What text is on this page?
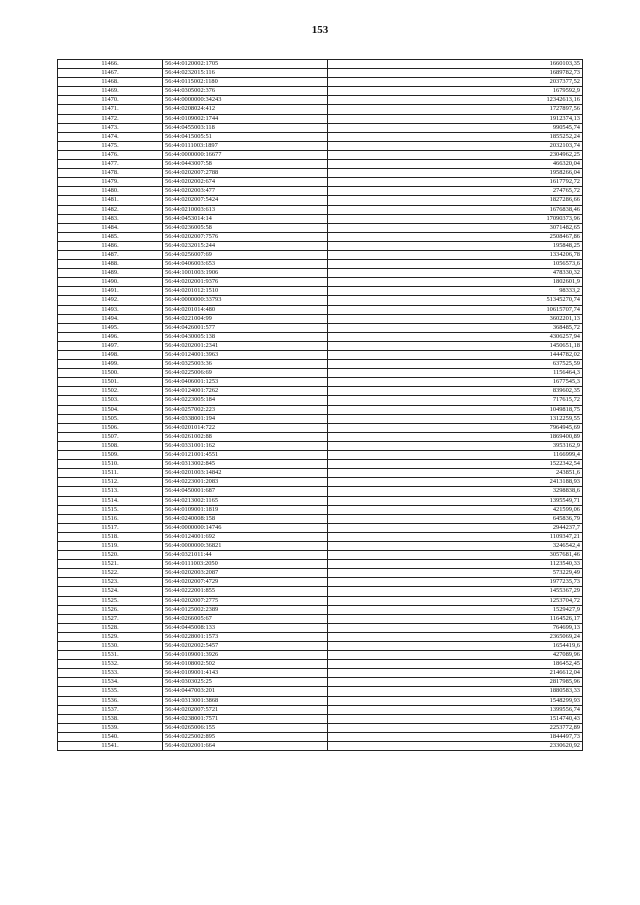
153
11466.	56:44:0120002:1705	1660103,35
11467.	56:44:0232015:116	1689782,73
11468.	56:44:0115002:1180	2037377,52
11469.	56:44:0305002:376	1679592,9
11470.	56:44:0000000:34243	12342613,16
11471.	56:44:0208024:412	1727897,56
11472.	56:44:0109002:1744	1912374,13
11473.	56:44:0455003:118	990545,74
11474.	56:44:0415005:51	1855252,24
11475.	56:44:0111003:1897	2032103,74
11476.	56:44:0000000:16677	2304962,25
11477.	56:44:0443007:58	466320,04
11478.	56:44:0202007:2788	1958266,04
11479.	56:44:0202002:674	1617792,72
11480.	56:44:0202003:477	274765,72
11481.	56:44:0202007:5424	1827286,66
11482.	56:44:0210003:613	1676838,46
11483.	56:44:0453014:14	17090373,96
11484.	56:44:0236005:58	3071482,65
11485.	56:44:0202007:7576	2508467,86
11486.	56:44:0232015:244	195848,25
11487.	56:44:0256007:69	1334206,78
11488.	56:44:0406003:653	1056573,6
11489.	56:44:1001003:1906	478330,32
11490.	56:44:0202001:9376	1802601,9
11491.	56:44:0201012:1510	98333,2
11492.	56:44:0000000:33793	51345270,74
11493.	56:44:0201014:480	10615707,74
11494.	56:44:0221004:99	3602201,13
11495.	56:44:0426001:577	368485,72
11496.	56:44:0430005:138	4306257,94
11497.	56:44:0202001:2341	1450651,18
11498.	56:44:0124001:3963	1444782,02
11499.	56:44:0325003:36	637525,59
11500.	56:44:0225006:69	1156464,3
11501.	56:44:0406001:1253	1677545,3
11502.	56:44:0124001:7262	839602,35
11503.	56:44:0223005:184	717615,72
11504.	56:44:0257002:223	1049818,75
11505.	56:44:0338001:194	1312259,55
11506.	56:44:0201014:722	7964945,69
11507.	56:44:0261002:88	1869400,89
11508.	56:44:0331001:162	3953162,9
11509.	56:44:0121001:4551	1166999,4
11510.	56:44:0313002:845	1522342,54
11511.	56:44:0201003:14842	243851,6
11512.	56:44:0223001:2083	2413188,93
11513.	56:44:0450001:687	3298838,6
11514.	56:44:0213002:1165	1395549,71
11515.	56:44:0109001:1819	421599,06
11516.	56:44:0240008:158	645836,79
11517.	56:44:0000000:14746	2944237,7
11518.	56:44:0124001:692	1109347,21
11519.	56:44:0000000:36821	3246542,4
11520.	56:44:0321011:44	3057681,46
11521.	56:44:0111003:2050	1123540,33
11522.	56:44:0202003:2087	573229,49
11523.	56:44:0202007:4729	1977235,73
11524.	56:44:0222001:855	1455367,29
11525.	56:44:0202007:2775	1253704,72
11526.	56:44:0125002:2389	1529427,9
11527.	56:44:0266005:67	1164526,17
11528.	56:44:0445008:133	764699,13
11529.	56:44:0228001:1573	2365069,24
11530.	56:44:0202002:5457	1654419,6
11531.	56:44:0109001:3926	427089,96
11532.	56:44:0108002:502	186452,45
11533.	56:44:0109001:4143	2146612,04
11534.	56:44:0303025:25	2817985,96
11535.	56:44:0447003:201	1880583,33
11536.	56:44:0313001:3868	1548299,93
11537.	56:44:0202007:5721	1399556,74
11538.	56:44:0238001:7571	1514740,43
11539.	56:44:0265006:155	2253772,89
11540.	56:44:0225002:895	1844497,73
11541.	56:44:0202001:664	2330620,92
